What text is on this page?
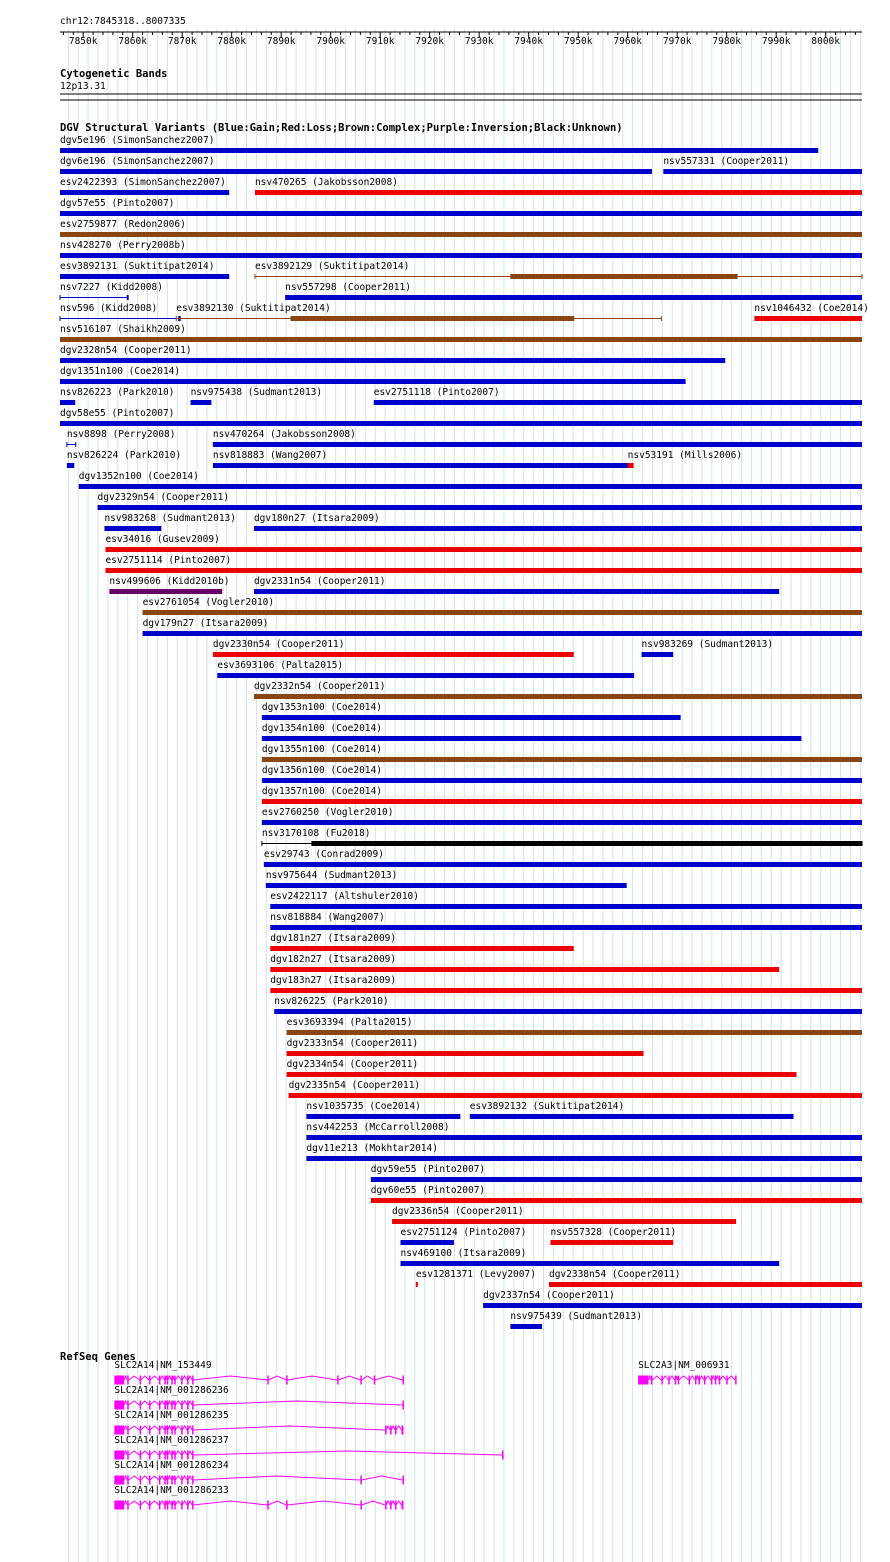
chr12:7845318..8007335
7850k 7860k 7870k 7880k 7890k 7900k 7910k 7920k 7930k 7940k 7950k 7960k 7970k 7980k 7990k 8000k
Cytogenetic Bands
12p13.31
DGV Structural Variants (Blue:Gain;Red:Loss;Brown:Complex;Purple:Inversion;Black:Unknown)
dgv5e196 (SimonSanchez2007)
dgv6e196 (SimonSanchez2007)	nsv557331 (Cooper2011)
esv2422393 (SimonSanchez2007)	nsv470265 (Jakobsson2008)
dgv57e55 (Pinto2007)
esv2759877 (Redon2006)
nsv428270 (Perry2008b)
esv3892131 (Suktitipat2014)	esv3892129 (Suktitipat2014)
nsv7227 (Kidd2008)	nsv557298 (Cooper2011)
nsv596 (Kidd2008) esv3892130 (Suktitipat2014)	nsv1046432 (Coe2014)
nsv516107 (Shaikh2009)
dgv2328n54 (Cooper2011)
dgv1351n100 (Coe2014)
nsv826223 (Park2010) nsv975438 (Sudmant2013)	esv2751118 (Pinto2007)
dgv58e55 (Pinto2007)
nsv8898 (Perry2008)	nsv470264 (Jakobsson2008)
nsv826224 (Park2010)	nsv818883 (Wang2007)	nsv53191 (Mills2006)
dgv1352n100 (Coe2014)
dgv2329n54 (Cooper2011)
nsv983268 (Sudmant2013) dgv180n27 (Itsara2009)
esv34016 (Gusev2009)
esv2751114 (Pinto2007)
nsv499606 (Kidd2010b)	dgv2331n54 (Cooper2011)
esv2761054 (Vogler2010)
dgv179n27 (Itsara2009)
dgv2330n54 (Cooper2011)	nsv983269 (Sudmant2013)
esv3693106 (Palta2015)
dgv2332n54 (Cooper2011)
dgv1353n100 (Coe2014)
dgv1354n100 (Coe2014)
dgv1355n100 (Coe2014)
dgv1356n100 (Coe2014)
dgv1357n100 (Coe2014)
esv2760250 (Vogler2010)
nsv3170108 (Fu2018)
esv29743 (Conrad2009)
nsv975644 (Sudmant2013)
esv2422117 (Altshuler2010)
nsv818884 (Wang2007)
dgv181n27 (Itsara2009)
dgv182n27 (Itsara2009)
dgv183n27 (Itsara2009)
nsv826225 (Park2010)
esv3693394 (Palta2015)
dgv2333n54 (Cooper2011)
dgv2334n54 (Cooper2011)
dgv2335n54 (Cooper2011)
nsv1035735 (Coe2014)	esv3892132 (Suktitipat2014)
nsv442253 (McCarroll2008)
dgv11e213 (Mokhtar2014)
dgv59e55 (Pinto2007)
dgv60e55 (Pinto2007)
dgv2336n54 (Cooper2011)
esv2751124 (Pinto2007)	nsv557328 (Cooper2011)
nsv469100 (Itsara2009)
esv1281371 (Levy2007) dgv2338n54 (Cooper2011)
dgv2337n54 (Cooper2011)
nsv975439 (Sudmant2013)
RefSeq Genes
SLC2A14|NM_153449	SLC2A3|NM_006931
SLC2A14|NM_001286236
SLC2A14|NM_001286235
SLC2A14|NM_001286237
SLC2A14|NM_001286234
SLC2A14|NM_001286233
